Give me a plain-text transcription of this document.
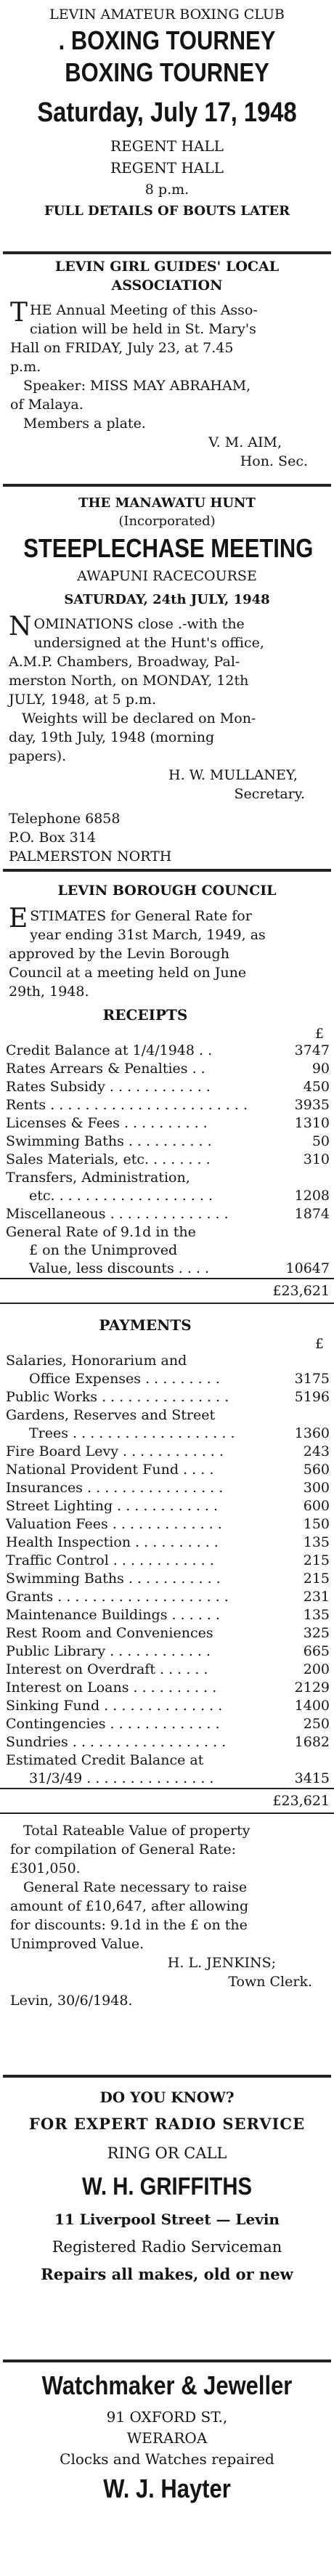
LEVIN AMATEUR BOXING CLUB
. BOXING TOURNEY
BOXING TOURNEY
Saturday, July 17, 1948
REGENT HALL
REGENT HALL
8 p.m.
FULL DETAILS OF BOUTS LATER
LEVIN GIRL GUIDES' LOCAL
ASSOCIATION
T HE Annual Meeting of this Asso-
ciation will be held in St. Mary's
Hall on FRIDAY, July 23, at 7.45
p.m.
Speaker: MISS MAY ABRAHAM,
of Malaya.
Members a plate.
V. M. AIM,
Hon. Sec.
THE MANAWATU HUNT
(Incorporated)
STEEPLECHASE MEETING
AWAPUNI RACECOURSE
SATURDAY, 24th JULY, 1948
N OMINATIONS close .-with the
undersigned at the Hunt's office,
A.M.P. Chambers, Broadway, Pal-
merston North, on MONDAY, 12th
JULY, 1948, at 5 p.m.
Weights will be declared on Mon-
day, 19th July, 1948 (morning
papers).
H. W. MULLANEY,
Secretary.
Telephone 6858
P.O. Box 314
PALMERSTON NORTH
LEVIN BOROUGH COUNCIL
E STIMATES for General Rate for
year ending 31st March, 1949, as
approved by the Levin Borough
Council at a meeting held on June
29th, 1948.
RECEIPTS
£
Credit Balance at 1/4/1948 . .	3747
Rates Arrears & Penalties . .	90
Rates Subsidy . . . . . . . . . . . .	450
Rents . . . . . . . . . . . . . . . . . . . . . . .	3935
Licenses & Fees . . . . . . . . . .	1310
Swimming Baths . . . . . . . . . .	50
Sales Materials, etc. . . . . . . .	310
Transfers, Administration,	
etc. . . . . . . . . . . . . . . . . . .	1208
Miscellaneous . . . . . . . . . . . . . .	1874
General Rate of 9.1d in the	
£ on the Unimproved	
Value, less discounts . . . .	10647
	£23,621
PAYMENTS
£
Salaries, Honorarium and	
Office Expenses . . . . . . . . .	3175
Public Works . . . . . . . . . . . . . . .	5196
Gardens, Reserves and Street	
Trees . . . . . . . . . . . . . . . . . . .	1360
Fire Board Levy . . . . . . . . . . . .	243
National Provident Fund . . . .	560
Insurances . . . . . . . . . . . . . . . .	300
Street Lighting . . . . . . . . . . . .	600
Valuation Fees . . . . . . . . . . . . .	150
Health Inspection . . . . . . . . . .	135
Traffic Control . . . . . . . . . . . .	215
Swimming Baths . . . . . . . . . . .	215
Grants . . . . . . . . . . . . . . . . . . . .	231
Maintenance Buildings . . . . . .	135
Rest Room and Conveniences	325
Public Library . . . . . . . . . . . .	665
Interest on Overdraft . . . . . .	200
Interest on Loans . . . . . . . . . .	2129
Sinking Fund . . . . . . . . . . . . . .	1400
Contingencies . . . . . . . . . . . . .	250
Sundries . . . . . . . . . . . . . . . . . .	1682
Estimated Credit Balance at	
31/3/49 . . . . . . . . . . . . . . .	3415
	£23,621
Total Rateable Value of property
for compilation of General Rate:
£301,050.
General Rate necessary to raise
amount of £10,647, after allowing
for discounts: 9.1d in the £ on the
Unimproved Value.
H. L. JENKINS;
Town Clerk.
Levin, 30/6/1948.
DO YOU KNOW?
FOR EXPERT RADIO SERVICE
RING OR CALL
W. H. GRIFFITHS
11 Liverpool Street — Levin
Registered Radio Serviceman
Repairs all makes, old or new
Watchmaker & Jeweller
91 OXFORD ST.,
WERAROA
Clocks and Watches repaired
W. J. Hayter
